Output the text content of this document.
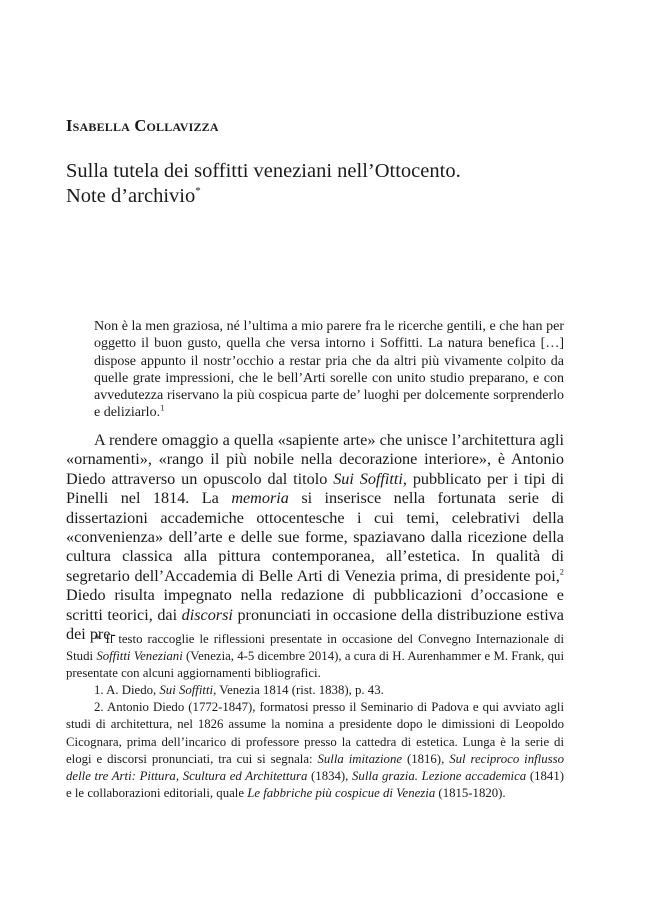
Isabella Collavizza
Sulla tutela dei soffitti veneziani nell’Ottocento.
Note d’archivio*

Non è la men graziosa, né l’ultima a mio parere fra le ricerche gentili, e che han per oggetto il buon gusto, quella che versa intorno i Soffitti. La natura benefica […] dispose appunto il nostr’occhio a restar pria che da altri più vivamente colpito da quelle grate impressioni, che le bell’Arti sorelle con unito studio preparano, e con avvedutezza riservano la più cospicua parte de’ luoghi per dolcemente sorprenderlo e deliziarlo.$^1$

A rendere omaggio a quella «sapiente arte» che unisce l’architettura agli «ornamenti», «rango il più nobile nella decorazione interiore», è Antonio Diedo attraverso un opuscolo dal titolo Sui Soffitti, pubblicato per i tipi di Pinelli nel 1814. La memoria si inserisce nella fortunata serie di dissertazioni accademiche ottocentesche i cui temi, celebrativi della «convenienza» dell’arte e delle sue forme, spaziavano dalla ricezione della cultura classica alla pittura contemporanea, all’estetica. In qualità di segretario dell’Accademia di Belle Arti di Venezia prima, di presidente poi,$^2$ Diedo risulta impegnato nella redazione di pubblicazioni d’occasione e scritti teorici, dai discorsi pronunciati in occasione della distribuzione estiva dei pre-

* Il testo raccoglie le riflessioni presentate in occasione del Convegno Internazionale di Studi Soffitti Veneziani (Venezia, 4-5 dicembre 2014), a cura di H. Aurenhammer e M. Frank, qui presentate con alcuni aggiornamenti bibliografici.

1. A. Diedo, Sui Soffitti, Venezia 1814 (rist. 1838), p. 43.

2. Antonio Diedo (1772-1847), formatosi presso il Seminario di Padova e qui avviato agli studi di architettura, nel 1826 assume la nomina a presidente dopo le dimissioni di Leopoldo Cicognara, prima dell’incarico di professore presso la cattedra di estetica. Lunga è la serie di elogi e discorsi pronunciati, tra cui si segnala: Sulla imitazione (1816), Sul reciproco influsso delle tre Arti: Pittura, Scultura ed Architettura (1834), Sulla grazia. Lezione accademica (1841) e le collaborazioni editoriali, quale Le fabbriche più cospicue di Venezia (1815-1820).
